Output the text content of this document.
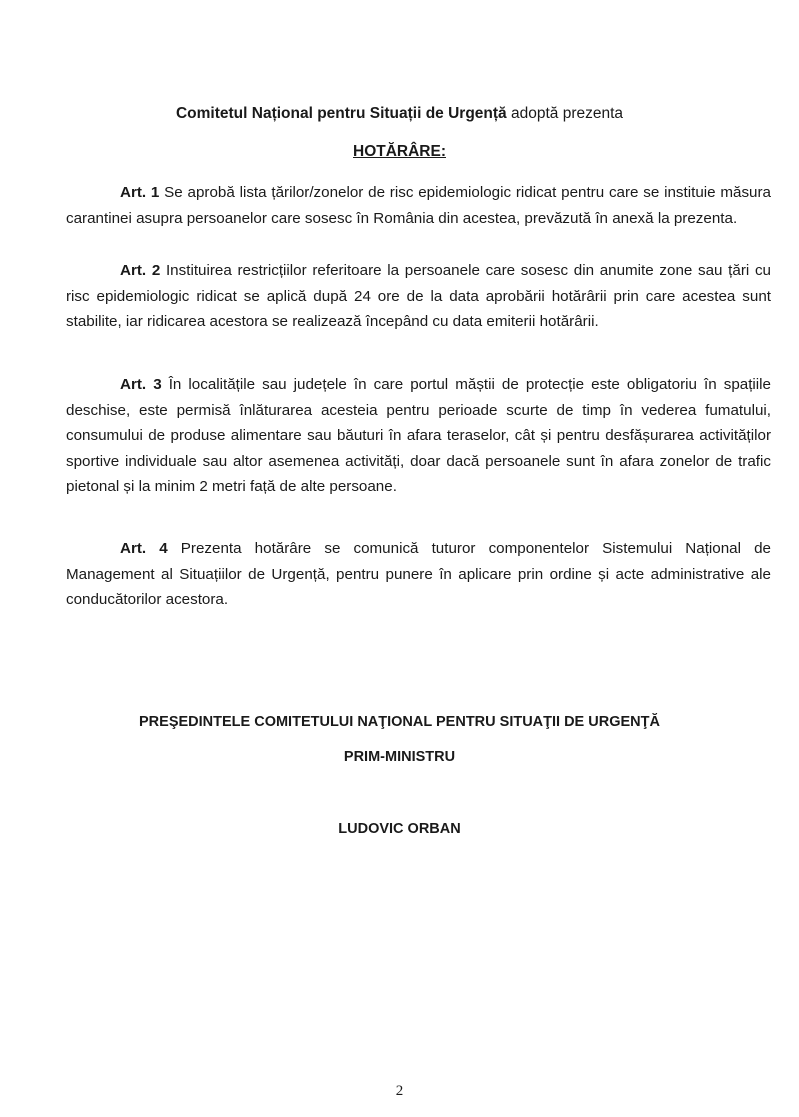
Comitetul Național pentru Situații de Urgență adoptă prezenta
HOTĂRÂRE:

Art. 1 Se aprobă lista țărilor/zonelor de risc epidemiologic ridicat pentru care se instituie măsura carantinei asupra persoanelor care sosesc în România din acestea, prevăzută în anexă la prezenta.

Art. 2 Instituirea restricțiilor referitoare la persoanele care sosesc din anumite zone sau țări cu risc epidemiologic ridicat se aplică după 24 ore de la data aprobării hotărârii prin care acestea sunt stabilite, iar ridicarea acestora se realizează începând cu data emiterii hotărârii.

Art. 3 În localitățile sau județele în care portul măștii de protecție este obligatoriu în spațiile deschise, este permisă înlăturarea acesteia pentru perioade scurte de timp în vederea fumatului, consumului de produse alimentare sau băuturi în afara teraselor, cât și pentru desfășurarea activităților sportive individuale sau altor asemenea activități, doar dacă persoanele sunt în afara zonelor de trafic pietonal și la minim 2 metri față de alte persoane.

Art. 4 Prezenta hotărâre se comunică tuturor componentelor Sistemului Național de Management al Situațiilor de Urgență, pentru punere în aplicare prin ordine și acte administrative ale conducătorilor acestora.

PREŞEDINTELE COMITETULUI NAŢIONAL PENTRU SITUAŢII DE URGENŢĂ
PRIM-MINISTRU
LUDOVIC ORBAN
2
